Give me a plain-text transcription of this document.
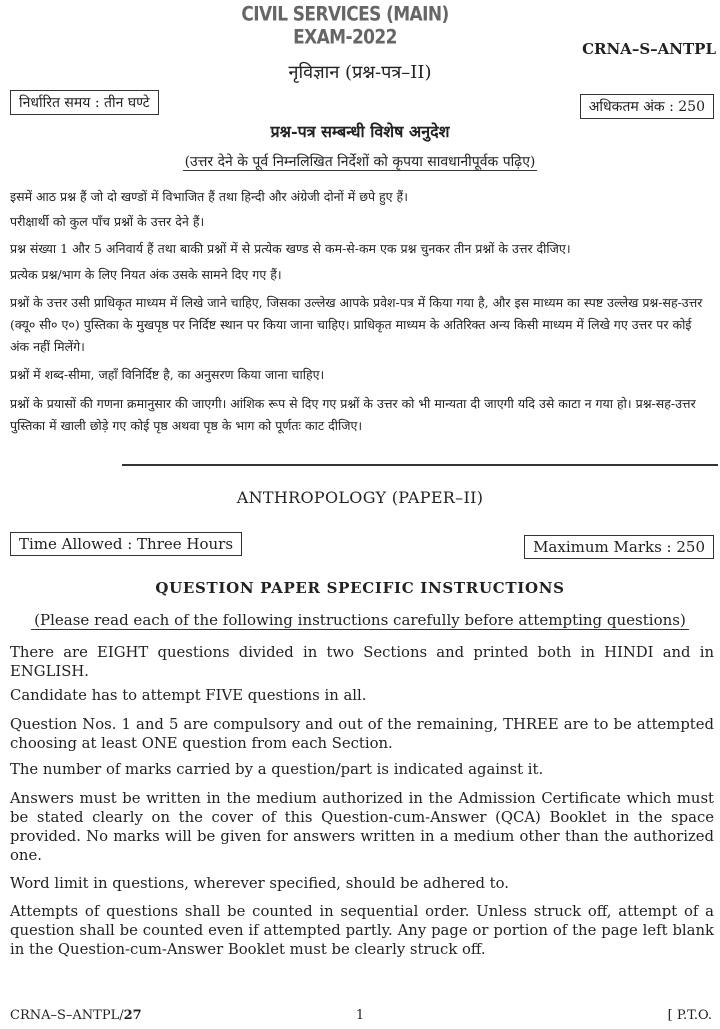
CIVIL SERVICES (MAIN) EXAM-2022	CRNA–S–ANTPL
नृविज्ञान (प्रश्न-पत्र–II)
निर्धारित समय : तीन घण्टे	अधिकतम अंक : 250
प्रश्न-पत्र सम्बन्धी विशेष अनुदेश
(उत्तर देने के पूर्व निम्नलिखित निर्देशों को कृपया सावधानीपूर्वक पढ़िए)

इसमें आठ प्रश्न हैं जो दो खण्डों में विभाजित हैं तथा हिन्दी और अंग्रेजी दोनों में छपे हुए हैं।

परीक्षार्थी को कुल पाँच प्रश्नों के उत्तर देने हैं।

प्रश्न संख्या 1 और 5 अनिवार्य हैं तथा बाकी प्रश्नों में से प्रत्येक खण्ड से कम-से-कम एक प्रश्न चुनकर तीन प्रश्नों के उत्तर दीजिए।

प्रत्येक प्रश्न/भाग के लिए नियत अंक उसके सामने दिए गए हैं।

प्रश्नों के उत्तर उसी प्राधिकृत माध्यम में लिखे जाने चाहिए, जिसका उल्लेख आपके प्रवेश-पत्र में किया गया है, और इस माध्यम का स्पष्ट उल्लेख प्रश्न-सह-उत्तर (क्यू० सी० ए०) पुस्तिका के मुखपृष्ठ पर निर्दिष्ट स्थान पर किया जाना चाहिए। प्राधिकृत माध्यम के अतिरिक्त अन्य किसी माध्यम में लिखे गए उत्तर पर कोई अंक नहीं मिलेंगे।

प्रश्नों में शब्द-सीमा, जहाँ विनिर्दिष्ट है, का अनुसरण किया जाना चाहिए।

प्रश्नों के प्रयासों की गणना क्रमानुसार की जाएगी। आंशिक रूप से दिए गए प्रश्नों के उत्तर को भी मान्यता दी जाएगी यदि उसे काटा न गया हो। प्रश्न-सह-उत्तर पुस्तिका में खाली छोड़े गए कोई पृष्ठ अथवा पृष्ठ के भाग को पूर्णतः काट दीजिए।

ANTHROPOLOGY (PAPER–II)
Time Allowed : Three Hours	Maximum Marks : 250
QUESTION PAPER SPECIFIC INSTRUCTIONS
(Please read each of the following instructions carefully before attempting questions)

There are EIGHT questions divided in two Sections and printed both in HINDI and in ENGLISH.

Candidate has to attempt FIVE questions in all.

Question Nos. 1 and 5 are compulsory and out of the remaining, THREE are to be attempted choosing at least ONE question from each Section.

The number of marks carried by a question/part is indicated against it.

Answers must be written in the medium authorized in the Admission Certificate which must be stated clearly on the cover of this Question-cum-Answer (QCA) Booklet in the space provided. No marks will be given for answers written in a medium other than the authorized one.

Word limit in questions, wherever specified, should be adhered to.

Attempts of questions shall be counted in sequential order. Unless struck off, attempt of a question shall be counted even if attempted partly. Any page or portion of the page left blank in the Question-cum-Answer Booklet must be clearly struck off.

CRNA–S–ANTPL/27	1	[ P.T.O.
